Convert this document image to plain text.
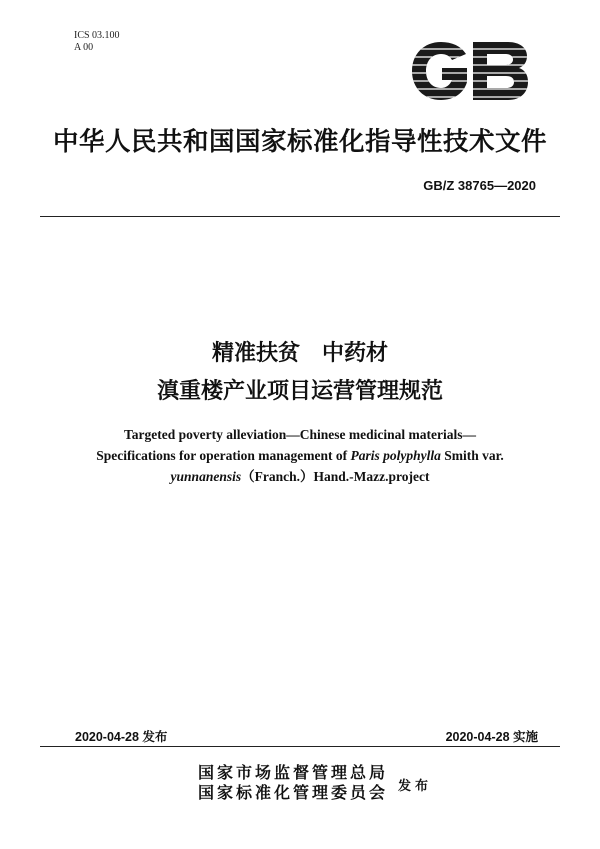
ICS 03.100
A 00
中华人民共和国国家标准化指导性技术文件
GB/Z 38765—2020
精准扶贫　中药材
滇重楼产业项目运营管理规范
Targeted poverty alleviation—Chinese medicinal materials—
Specifications for operation management of Paris polyphylla Smith var.
yunnanensis（Franch.）Hand.-Mazz.project
2020-04-28 发布	2020-04-28 实施
国家市场监督管理总局
国家标准化管理委员会 发布
